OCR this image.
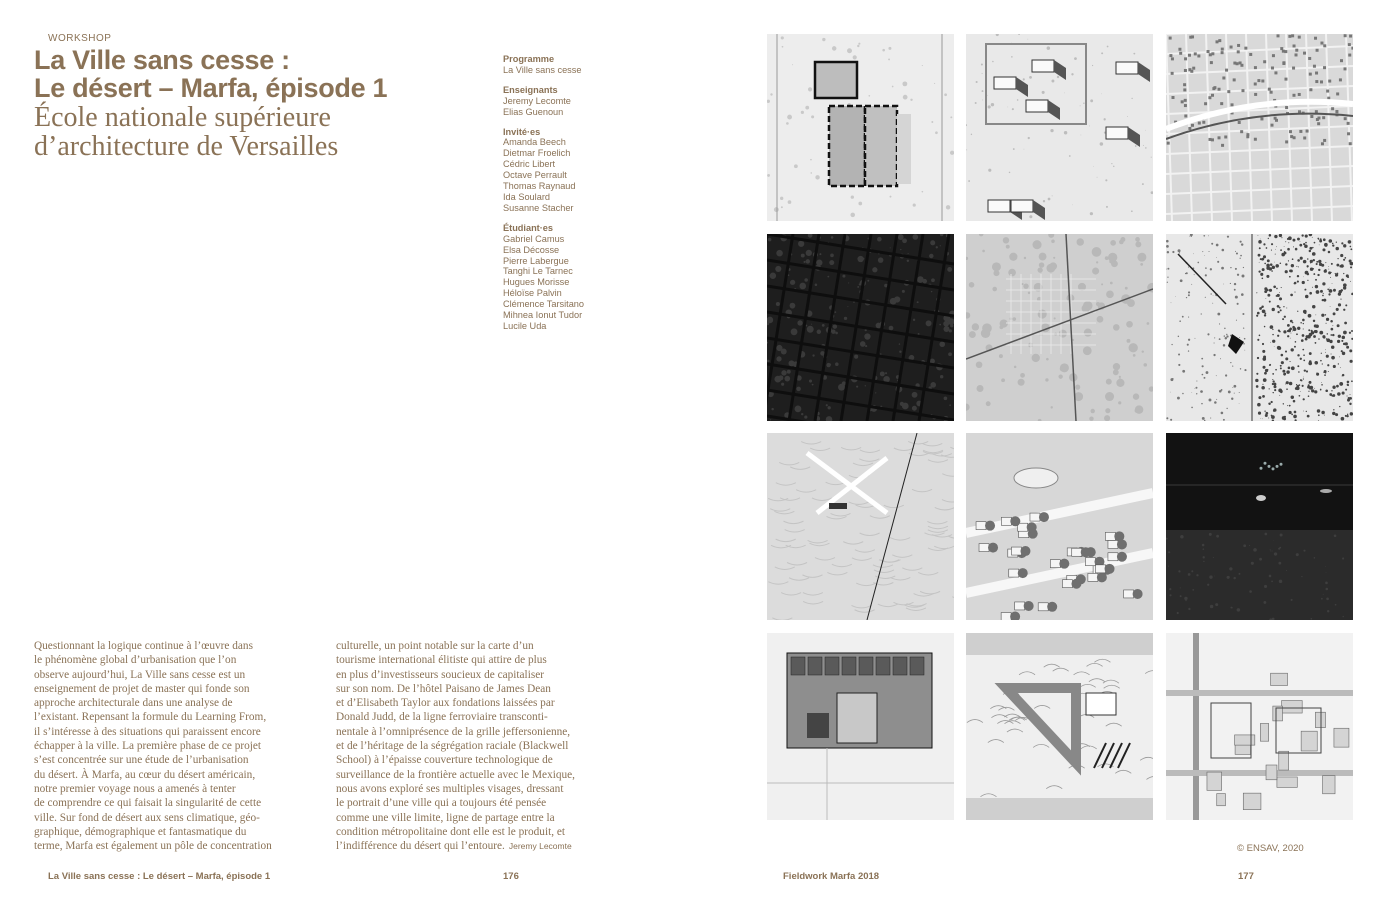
WORKSHOP
La Ville sans cesse :
Le désert – Marfa, épisode 1
École nationale supérieure
d’architecture de Versailles
Programme
La Ville sans cesse
Enseignants
Jeremy Lecomte
Elias Guenoun
Invité·es
Amanda Beech
Dietmar Froelich
Cédric Libert
Octave Perrault
Thomas Raynaud
Ida Soulard
Susanne Stacher
Étudiant·es
Gabriel Camus
Elsa Décosse
Pierre Labergue
Tanghi Le Tarnec
Hugues Morisse
Héloïse Palvin
Clémence Tarsitano
Mihnea Ionut Tudor
Lucile Uda
Questionnant la logique continue à l’œuvre dans
le phénomène global d’urbanisation que l’on
observe aujourd’hui, La Ville sans cesse est un
enseignement de projet de master qui fonde son
approche architecturale dans une analyse de
l’existant. Repensant la formule du Learning From,
il s’intéresse à des situations qui paraissent encore
échapper à la ville. La première phase de ce projet
s’est concentrée sur une étude de l’urbanisation
du désert. À Marfa, au cœur du désert américain,
notre premier voyage nous a amenés à tenter
de comprendre ce qui faisait la singularité de cette
ville. Sur fond de désert aux sens climatique, géo-
graphique, démographique et fantasmatique du
terme, Marfa est également un pôle de concentration
culturelle, un point notable sur la carte d’un
tourisme international élitiste qui attire de plus
en plus d’investisseurs soucieux de capitaliser
sur son nom. De l’hôtel Paisano de James Dean
et d’Elisabeth Taylor aux fondations laissées par
Donald Judd, de la ligne ferroviaire transconti-
nentale à l’omniprésence de la grille jeffersonienne,
et de l’héritage de la ségrégation raciale (Blackwell
School) à l’épaisse couverture technologique de
surveillance de la frontière actuelle avec le Mexique,
nous avons exploré ses multiples visages, dressant
le portrait d’une ville qui a toujours été pensée
comme une ville limite, ligne de partage entre la
condition métropolitaine dont elle est le produit, et
l’indifférence du désert qui l’entoure. Jeremy Lecomte	© ENSAV, 2020
La Ville sans cesse : Le désert – Marfa, épisode 1	176	Fieldwork Marfa 2018	177
